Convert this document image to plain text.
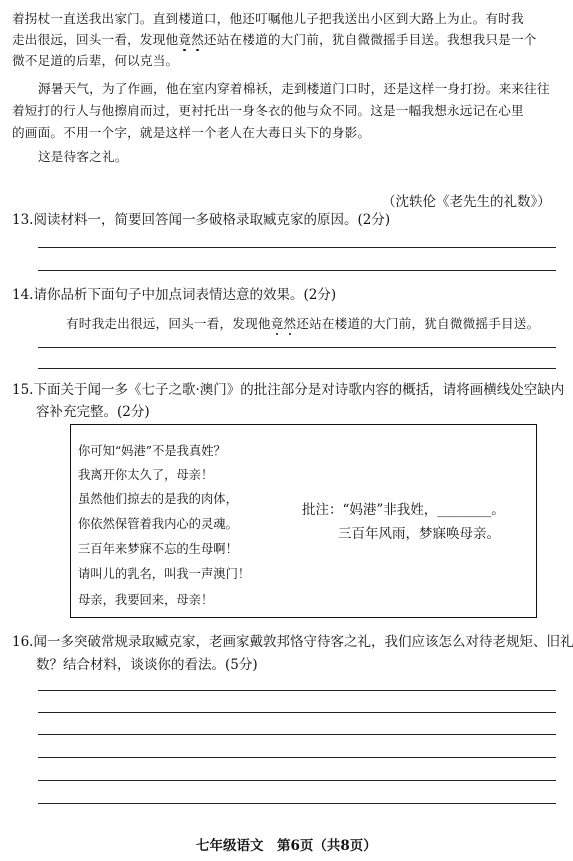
着拐杖一直送我出家门。直到楼道口，他还叮嘱他儿子把我送出小区到大路上为止。有时我
走出很远，回头一看，发现他竟然还站在楼道的大门前，犹自微微摇手目送。我想我只是一个
微不足道的后辈，何以克当。
溽暑天气，为了作画，他在室内穿着棉袄，走到楼道门口时，还是这样一身打扮。来来往往
着短打的行人与他擦肩而过，更衬托出一身冬衣的他与众不同。这是一幅我想永远记在心里
的画面。不用一个字，就是这样一个老人在大毒日头下的身影。
这是待客之礼。
（沈轶伦《老先生的礼数》）
13.阅读材料一，简要回答闻一多破格录取臧克家的原因。(2分)
14.请你品析下面句子中加点词表情达意的效果。(2分)
有时我走出很远，回头一看，发现他竟然还站在楼道的大门前，犹自微微摇手目送。
15.下面关于闻一多《七子之歌·澳门》的批注部分是对诗歌内容的概括，请将画横线处空缺内
容补充完整。(2分)
你可知“妈港”不是我真姓？
我离开你太久了，母亲！
虽然他们掠去的是我的肉体，
你依然保管着我内心的灵魂。
三百年来梦寐不忘的生母啊！
请叫儿的乳名，叫我一声澳门！
母亲，我要回来，母亲！
批注：“妈港”非我姓，________。
三百年风雨，梦寐唤母亲。
16.闻一多突破常规录取臧克家，老画家戴敦邦恪守待客之礼，我们应该怎么对待老规矩、旧礼
数？结合材料，谈谈你的看法。(5分)
七年级语文　第6页（共8页）
